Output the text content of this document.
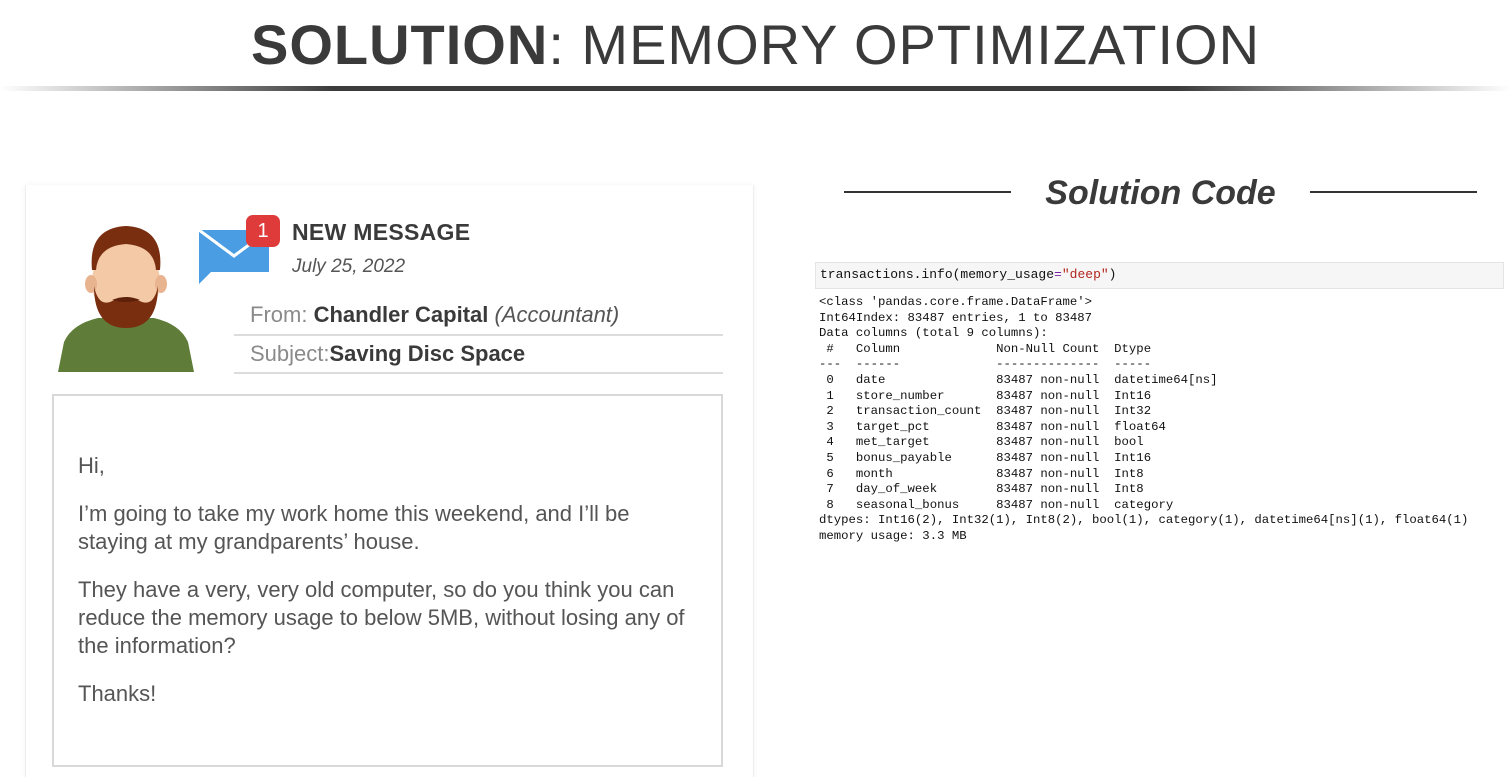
SOLUTION: MEMORY OPTIMIZATION
1	NEW MESSAGE
July 25, 2022
From: Chandler Capital (Accountant)
Subject:Saving Disc Space

Hi,

I’m going to take my work home this weekend, and I’ll be staying at my grandparents’ house.

They have a very, very old computer, so do you think you can reduce the memory usage to below 5MB, without losing any of the information?

Thanks!

Solution Code
transactions.info(memory_usage="deep")
<class 'pandas.core.frame.DataFrame'>
Int64Index: 83487 entries, 1 to 83487
Data columns (total 9 columns):
#   Column             Non-Null Count  Dtype
---  ------             --------------  -----
0   date               83487 non-null  datetime64[ns]
1   store_number       83487 non-null  Int16
2   transaction_count  83487 non-null  Int32
3   target_pct         83487 non-null  float64
4   met_target         83487 non-null  bool
5   bonus_payable      83487 non-null  Int16
6   month              83487 non-null  Int8
7   day_of_week        83487 non-null  Int8
8   seasonal_bonus     83487 non-null  category
dtypes: Int16(2), Int32(1), Int8(2), bool(1), category(1), datetime64[ns](1), float64(1)
memory usage: 3.3 MB
